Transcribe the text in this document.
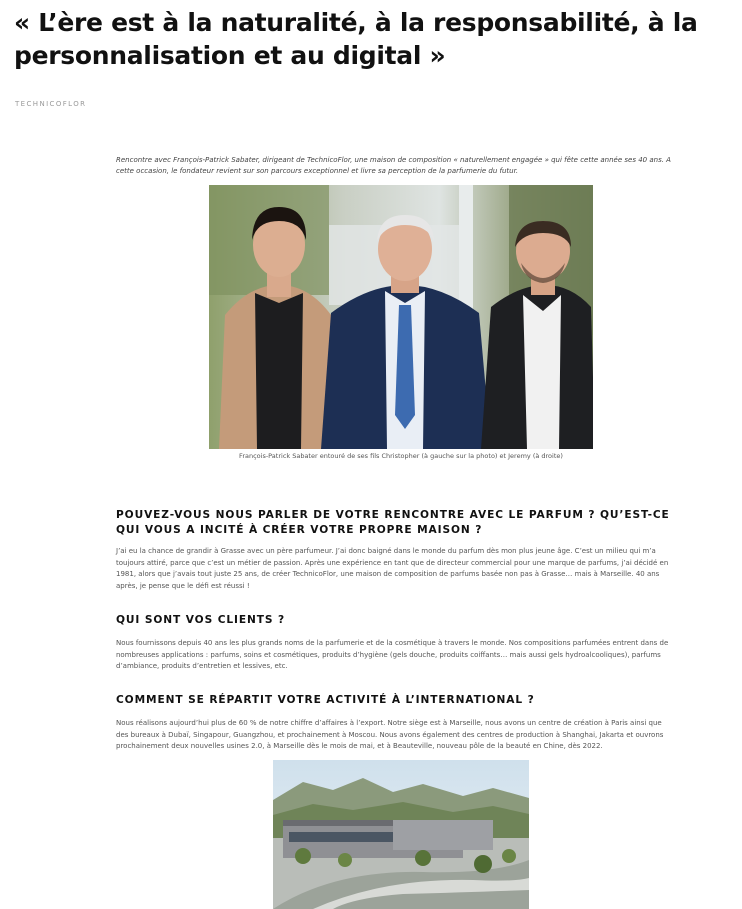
« L’ère est à la naturalité, à la responsabilité, à la personnalisation et au digital »

TECHNICOFLOR

Rencontre avec François-Patrick Sabater, dirigeant de TechnicoFlor, une maison de composition « naturellement engagée » qui fête cette année ses 40 ans. A cette occasion, le fondateur revient sur son parcours exceptionnel et livre sa perception de la parfumerie du futur.

François-Patrick Sabater entouré de ses fils Christopher (à gauche sur la photo) et Jeremy (à droite)

POUVEZ-VOUS NOUS PARLER DE VOTRE RENCONTRE AVEC LE PARFUM ? QU’EST-CE QUI VOUS A INCITÉ À CRÉER VOTRE PROPRE MAISON ?

J’ai eu la chance de grandir à Grasse avec un père parfumeur. J’ai donc baigné dans le monde du parfum dès mon plus jeune âge. C’est un milieu qui m’a toujours attiré, parce que c’est un métier de passion. Après une expérience en tant que de directeur commercial pour une marque de parfums, j’ai décidé en 1981, alors que j’avais tout juste 25 ans, de créer TechnicoFlor, une maison de composition de parfums basée non pas à Grasse… mais à Marseille. 40 ans après, je pense que le défi est réussi !

QUI SONT VOS CLIENTS ?

Nous fournissons depuis 40 ans les plus grands noms de la parfumerie et de la cosmétique à travers le monde. Nos compositions parfumées entrent dans de nombreuses applications : parfums, soins et cosmétiques, produits d’hygiène (gels douche, produits coiffants… mais aussi gels hydroalcooliques), parfums d’ambiance, produits d’entretien et lessives, etc.

COMMENT SE RÉPARTIT VOTRE ACTIVITÉ À L’INTERNATIONAL ?

Nous réalisons aujourd’hui plus de 60 % de notre chiffre d’affaires à l’export. Notre siège est à Marseille, nous avons un centre de création à Paris ainsi que des bureaux à Dubaï, Singapour, Guangzhou, et prochainement à Moscou. Nous avons également des centres de production à Shanghai, Jakarta et ouvrons prochainement deux nouvelles usines 2.0, à Marseille dès le mois de mai, et à Beauteville, nouveau pôle de la beauté en Chine, dès 2022.
